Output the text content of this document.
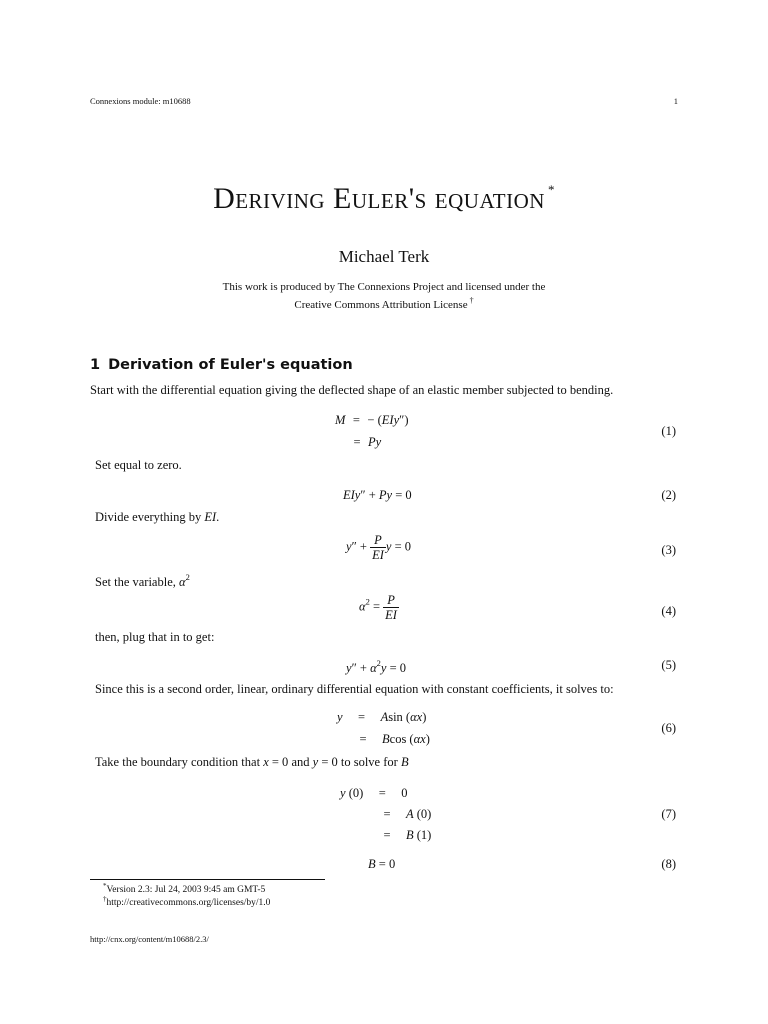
Connexions module: m10688	1
Deriving Euler's equation *
Michael Terk
This work is produced by The Connexions Project and licensed under the
Creative Commons Attribution License †
1 Derivation of Euler's equation
Start with the differential equation giving the deflected shape of an elastic member subjected to bending.
M = − (EIy″)
= Py
(1)
Set equal to zero.
EIy″ + Py = 0	(2)
Divide everything by EI.
$y'' + \frac{P}{EI}$ y = 0	(3)
Set the variable, $\alpha^2$
$\alpha^2 = \frac{P}{EI}$	(4)
then, plug that in to get:
$y'' + \alpha^2y = 0$	(5)
Since this is a second order, linear, ordinary differential equation with constant coefficients, it solves to:
y = Asin (αx)
= Bcos (αx)
(6)
Take the boundary condition that x = 0 and y = 0 to solve for B
y (0) = 0
= A (0)
= B (1)
(7)
B = 0	(8)
*Version 2.3: Jul 24, 2003 9:45 am GMT-5
†http://creativecommons.org/licenses/by/1.0
http://cnx.org/content/m10688/2.3/
